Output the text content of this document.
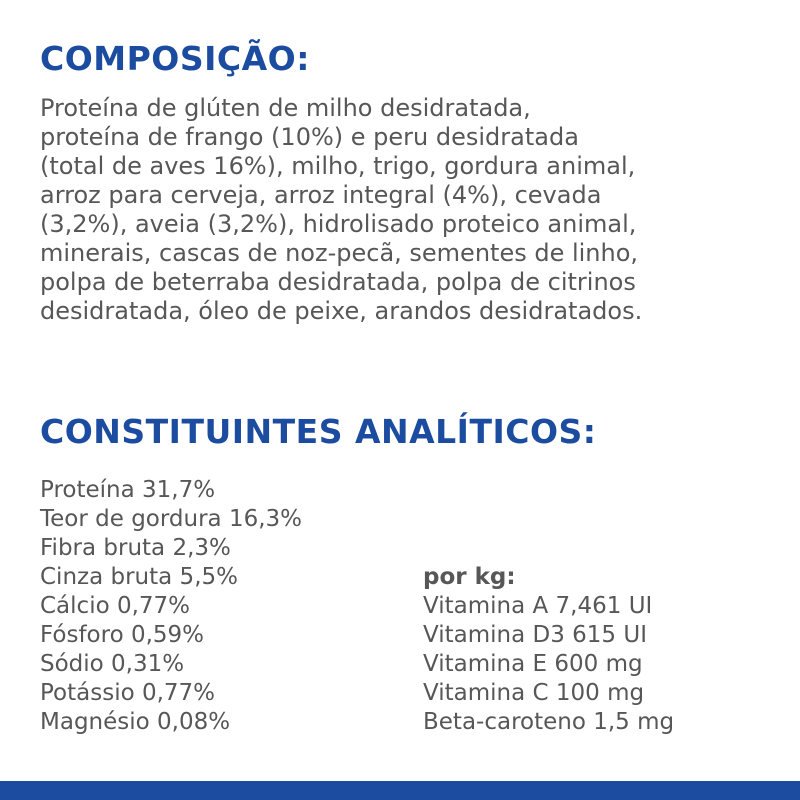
COMPOSIÇÃO:

Proteína de glúten de milho desidratada,
proteína de frango (10%) e peru desidratada
(total de aves 16%), milho, trigo, gordura animal,
arroz para cerveja, arroz integral (4%), cevada
(3,2%), aveia (3,2%), hidrolisado proteico animal,
minerais, cascas de noz-pecã, sementes de linho,
polpa de beterraba desidratada, polpa de citrinos
desidratada, óleo de peixe, arandos desidratados.

CONSTITUINTES ANALÍTICOS:
Proteína 31,7%
Teor de gordura 16,3%
Fibra bruta 2,3%
Cinza bruta 5,5%
Cálcio 0,77%
Fósforo 0,59%
Sódio 0,31%
Potássio 0,77%
Magnésio 0,08%
por kg:
Vitamina A 7,461 UI
Vitamina D3 615 UI
Vitamina E 600 mg
Vitamina C 100 mg
Beta-caroteno 1,5 mg
